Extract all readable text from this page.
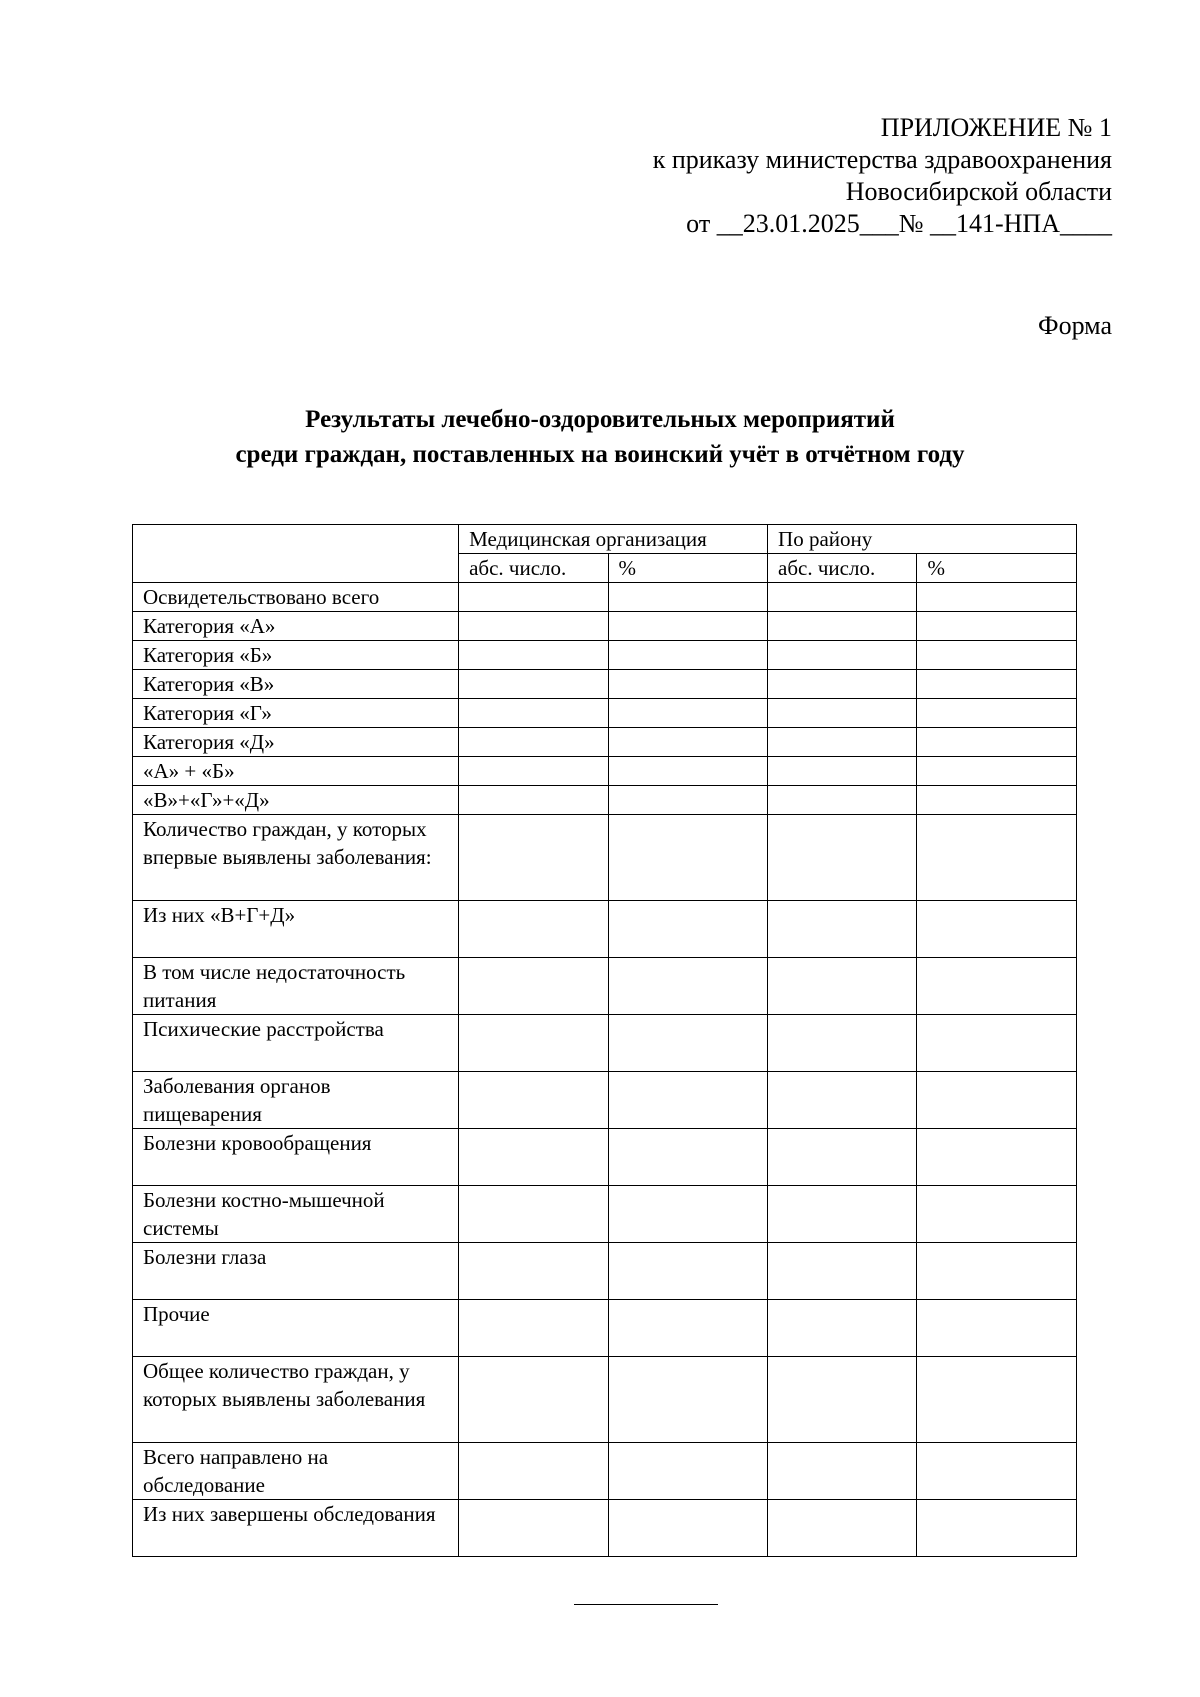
ПРИЛОЖЕНИЕ № 1
к приказу министерства здравоохранения
Новосибирской области
от __23.01.2025___№ __141-НПА____
Форма
Результаты лечебно-оздоровительных мероприятий
среди граждан, поставленных на воинский учёт в отчётном году
	Медицинская организация		По району	
	абс. число.	%	абс. число.	%
Освидетельствовано всего				
Категория «А»				
Категория «Б»				
Категория «В»				
Категория «Г»				
Категория «Д»				
«А» + «Б»				
«В»+«Г»+«Д»				
Количество граждан, у которых впервые выявлены заболевания:				
Из них «В+Г+Д»				
В том числе недостаточность питания				
Психические расстройства				
Заболевания органов пищеварения				
Болезни кровообращения				
Болезни костно-мышечной системы				
Болезни глаза				
Прочие				
Общее количество граждан, у которых выявлены заболевания				
Всего направлено на обследование				
Из них завершены обследования				
